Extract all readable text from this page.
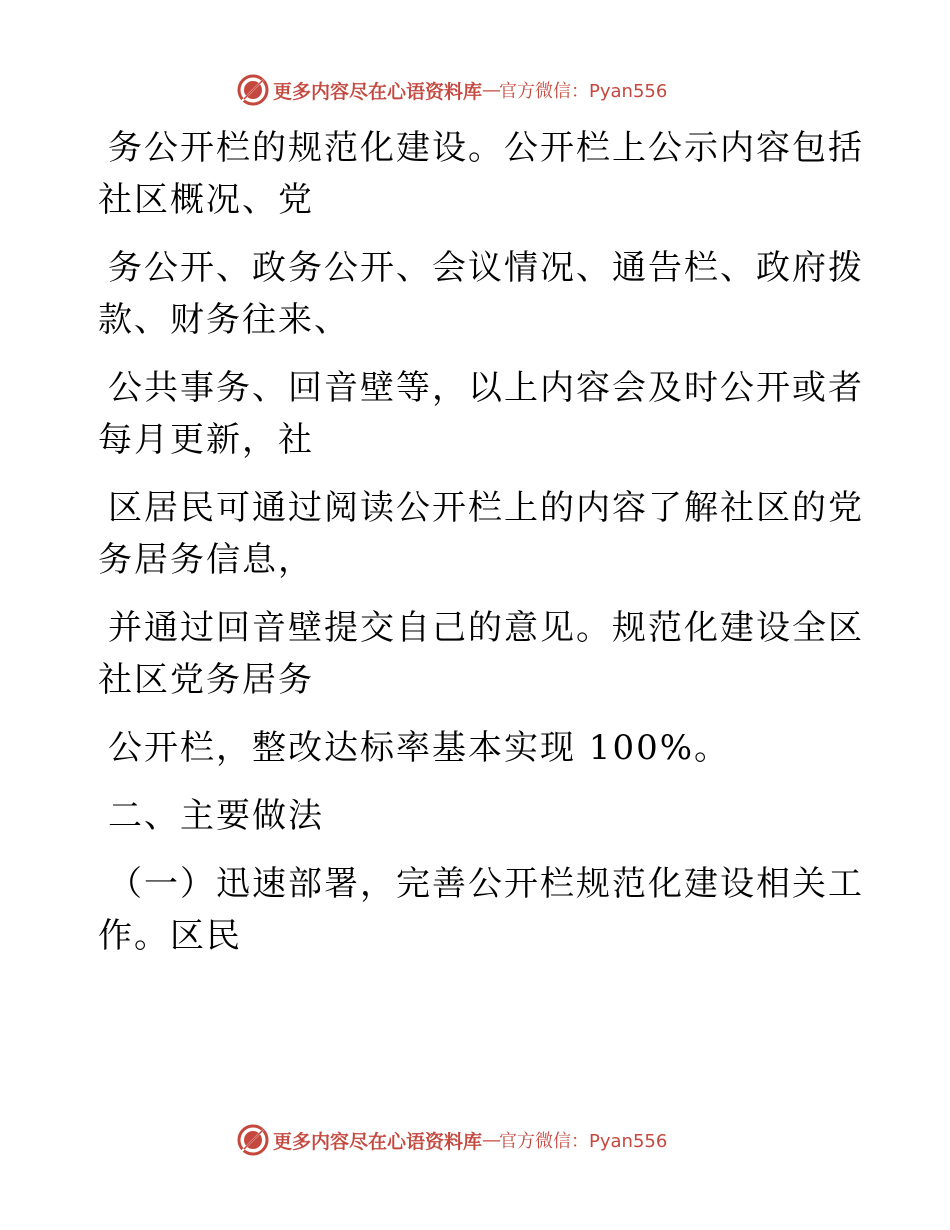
更多内容尽在心语资料库 — 官方微信：Pyan556
务公开栏的规范化建设。公开栏上公示内容包括
社区概况、党
务公开、政务公开、会议情况、通告栏、政府拨
款、财务往来、
公共事务、回音壁等，以上内容会及时公开或者
每月更新，社
区居民可通过阅读公开栏上的内容了解社区的党
务居务信息，
并通过回音壁提交自己的意见。规范化建设全区
社区党务居务
公开栏，整改达标率基本实现 100%。
二、主要做法
（一）迅速部署，完善公开栏规范化建设相关工
作。区民
更多内容尽在心语资料库 — 官方微信：Pyan556
